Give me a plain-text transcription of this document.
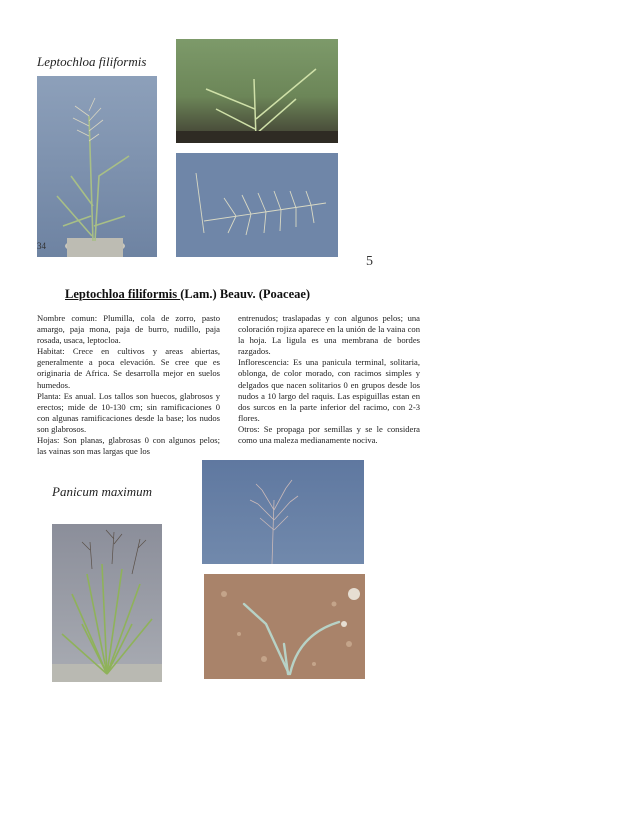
Leptochloa filiformis
34
5
Leptochloa filiformis (Lam.) Beauv. (Poaceae)

Nombre comun: Plumilla, cola de zorro, pasto amargo, paja mona, paja de burro, nudillo, paja rosada, usaca, leptocloa.

Habitat: Crece en cultivos y areas abiertas, generalmente a poca elevación. Se cree que es originaria de Africa. Se desarrolla mejor en suelos humedos.

Planta: Es anual. Los tallos son huecos, glabrosos y erectos; mide de 10-130 cm; sin ramificaciones 0 con algunas ramificaciones desde la base; los nudos son glabrosos.

Hojas: Son planas, glabrosas 0 con algunos pelos; las vainas son mas largas que los

entrenudos; traslapadas y con algunos pelos; una coloración rojiza aparece en la unión de la vaina con la hoja. La ligula es una membrana de bordes razgados.

Inflorescencia: Es una panicula terminal, solitaria, oblonga, de color morado, con racimos simples y delgados que nacen solitarios 0 en grupos desde los nudos a 10 largo del raquis. Las espiguillas estan en dos surcos en la parte inferior del racimo, con 2-3 flores.

Otros: Se propaga por semillas y se le considera como una maleza medianamente nociva.

Panicum maximum
